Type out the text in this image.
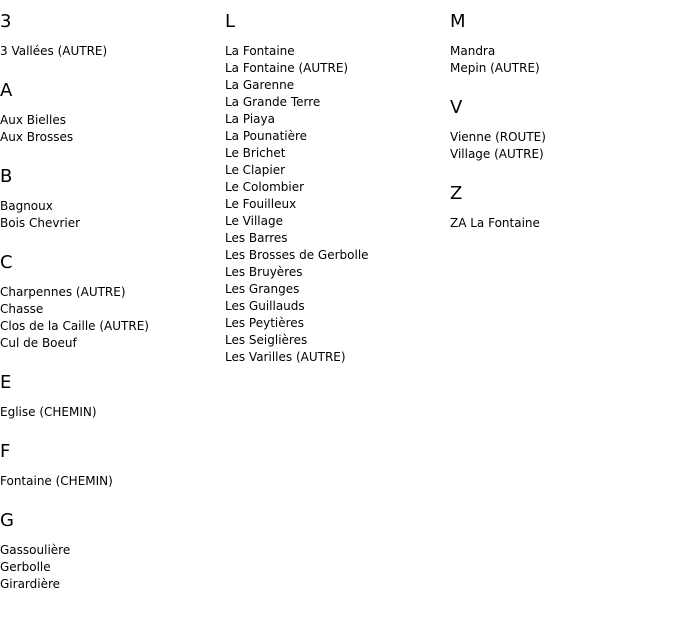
3
3 Vallées (AUTRE)
A
Aux Bielles
Aux Brosses
B
Bagnoux
Bois Chevrier
C
Charpennes (AUTRE)
Chasse
Clos de la Caille (AUTRE)
Cul de Boeuf
E
Eglise (CHEMIN)
F
Fontaine (CHEMIN)
G
Gassoulière
Gerbolle
Girardière
L
La Fontaine
La Fontaine (AUTRE)
La Garenne
La Grande Terre
La Piaya
La Pounatière
Le Brichet
Le Clapier
Le Colombier
Le Fouilleux
Le Village
Les Barres
Les Brosses de Gerbolle
Les Bruyères
Les Granges
Les Guillauds
Les Peytières
Les Seiglières
Les Varilles (AUTRE)
M
Mandra
Mepin (AUTRE)
V
Vienne (ROUTE)
Village (AUTRE)
Z
ZA La Fontaine
